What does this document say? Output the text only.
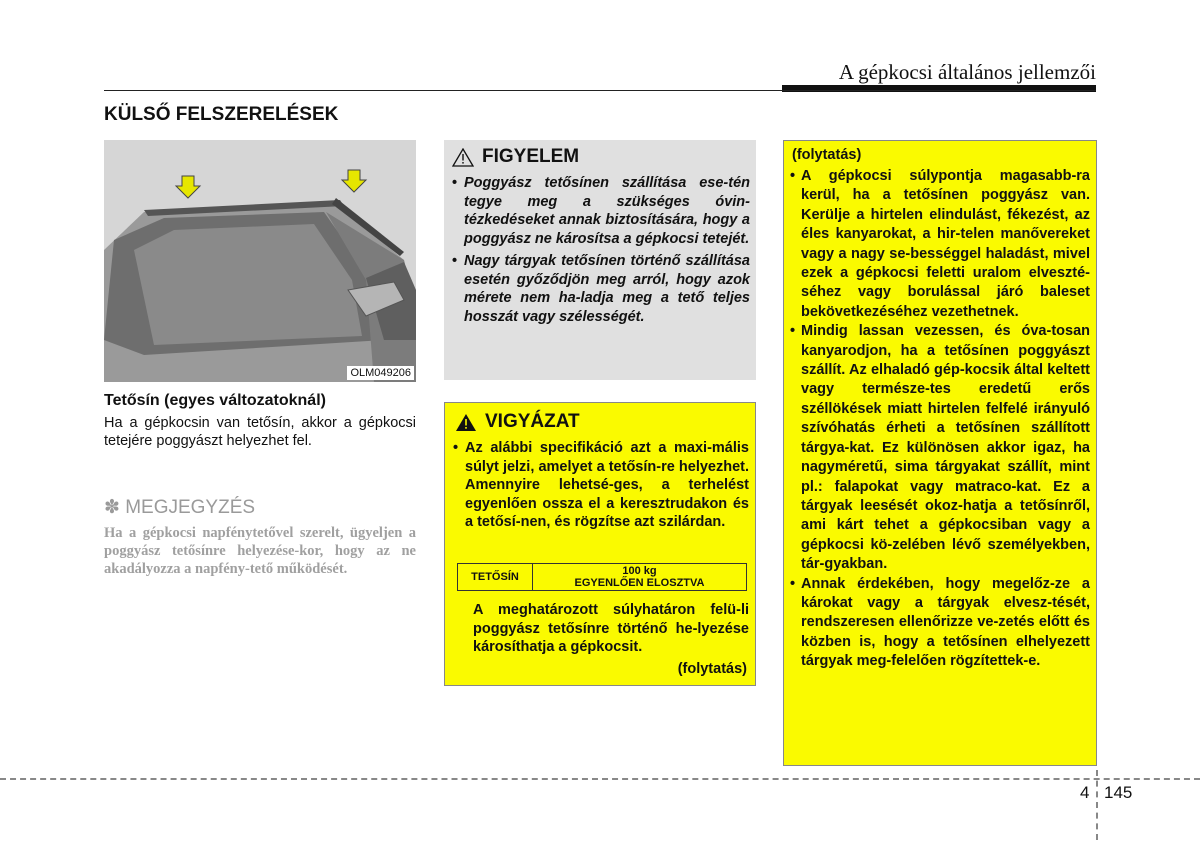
A gépkocsi általános jellemzői
KÜLSŐ FELSZERELÉSEK
OLM049206
Tetősín (egyes változatoknál)
Ha a gépkocsin van tetősín, akkor a gépkocsi tetejére poggyászt helyezhet fel.
✽ MEGJEGYZÉS
Ha a gépkocsi napfénytetővel szerelt, ügyeljen a poggyász tetősínre helyezése-kor, hogy az ne akadályozza a napfény-tető működését.
FIGYELEM
• Poggyász tetősínen szállítása ese-tén tegye meg a szükséges óvin-tézkedéseket annak biztosítására, hogy a poggyász ne károsítsa a gépkocsi tetejét.
• Nagy tárgyak tetősínen történő szállítása esetén győződjön meg arról, hogy azok mérete nem ha-ladja meg a tető teljes hosszát vagy szélességét.
VIGYÁZAT
• Az alábbi specifikáció azt a maxi-mális súlyt jelzi, amelyet a tetősín-re helyezhet. Amennyire lehetsé-ges, a terhelést egyenlően ossza el a keresztrudakon és a tetősí-nen, és rögzítse azt szilárdan.
TETŐSÍN	100 kg
EGYENLŐEN ELOSZTVA
A meghatározott súlyhatáron felü-li poggyász tetősínre történő he-lyezése károsíthatja a gépkocsit.
(folytatás)
(folytatás)
• A gépkocsi súlypontja magasabb-ra kerül, ha a tetősínen poggyász van. Kerülje a hirtelen elindulást, fékezést, az éles kanyarokat, a hir-telen manővereket vagy a nagy se-bességgel haladást, mivel ezek a gépkocsi feletti uralom elveszté-séhez vagy borulással járó baleset bekövetkezéséhez vezethetnek.
• Mindig lassan vezessen, és óva-tosan kanyarodjon, ha a tetősínen poggyászt szállít. Az elhaladó gép-kocsik által keltett vagy természe-tes eredetű erős széllökések miatt hirtelen felfelé irányuló szívóhatás érheti a tetősínen szállított tárgya-kat. Ez különösen akkor igaz, ha nagyméretű, sima tárgyakat szállít, mint pl.: falapokat vagy matraco-kat. Ez a tárgyak leesését okoz-hatja a tetősínről, ami kárt tehet a gépkocsiban vagy a gépkocsi kö-zelében lévő személyekben, tár-gyakban.
• Annak érdekében, hogy megelőz-ze a károkat vagy a tárgyak elvesz-tését, rendszeresen ellenőrizze ve-zetés előtt és közben is, hogy a tetősínen elhelyezett tárgyak meg-felelően rögzítettek-e.
4 145
